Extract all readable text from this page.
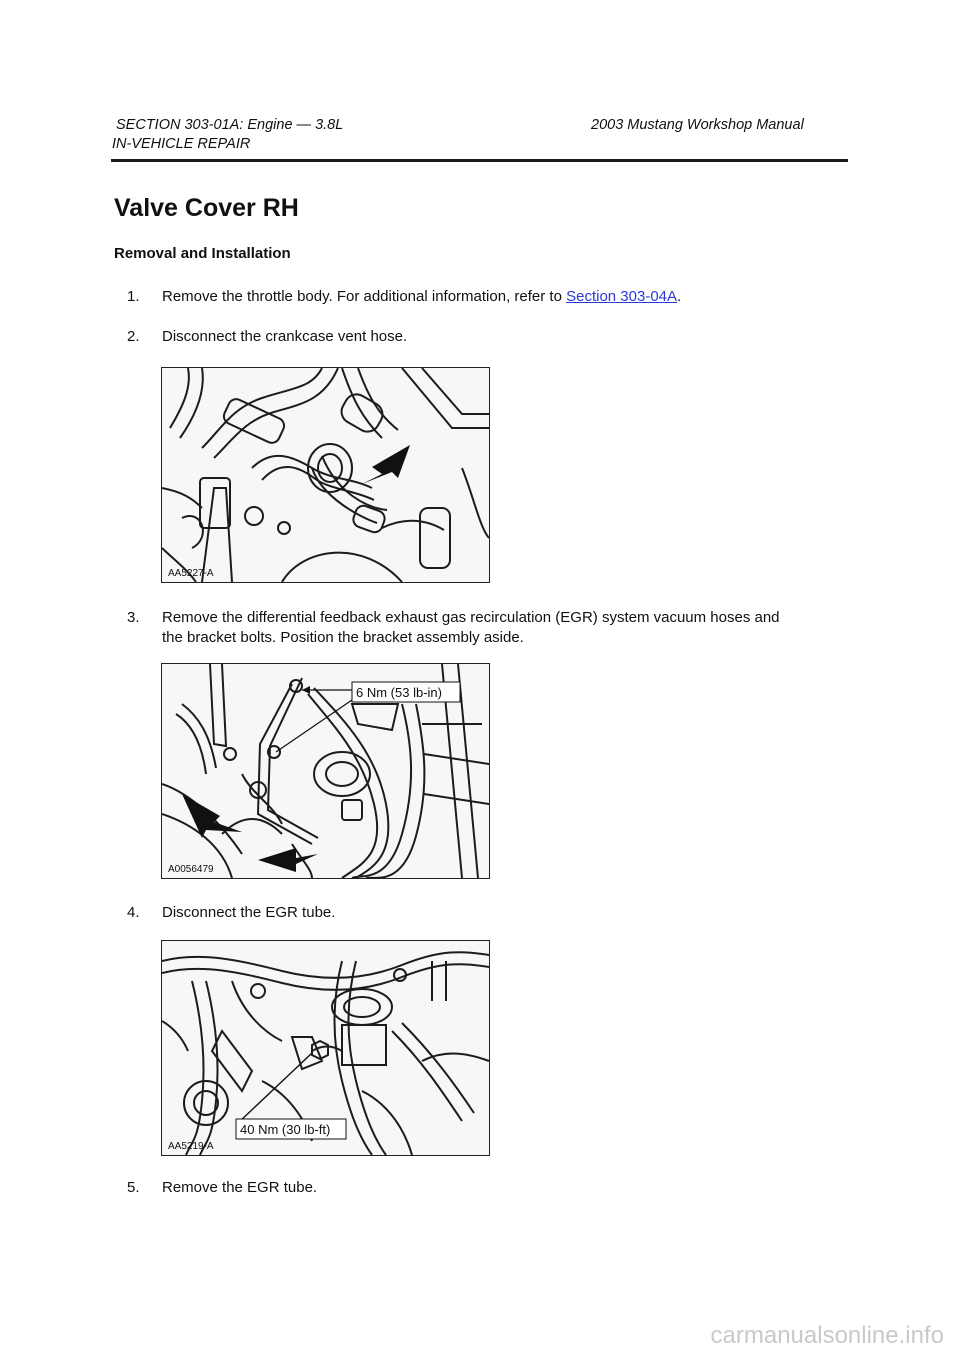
SECTION 303-01A: Engine — 3.8L	2003 Mustang Workshop Manual
IN-VEHICLE REPAIR
Valve Cover RH
Removal and Installation
1.	Remove the throttle body. For additional information, refer to Section 303-04A.
2.	Disconnect the crankcase vent hose.
AA5227-A
3.	Remove the differential feedback exhaust gas recirculation (EGR) system vacuum hoses and
the bracket bolts. Position the bracket assembly aside.
6 Nm (53 lb-in)
A0056479
4.	Disconnect the EGR tube.
40 Nm (30 lb-ft)
AA5219-A
5.	Remove the EGR tube.
carmanualsonline.info
